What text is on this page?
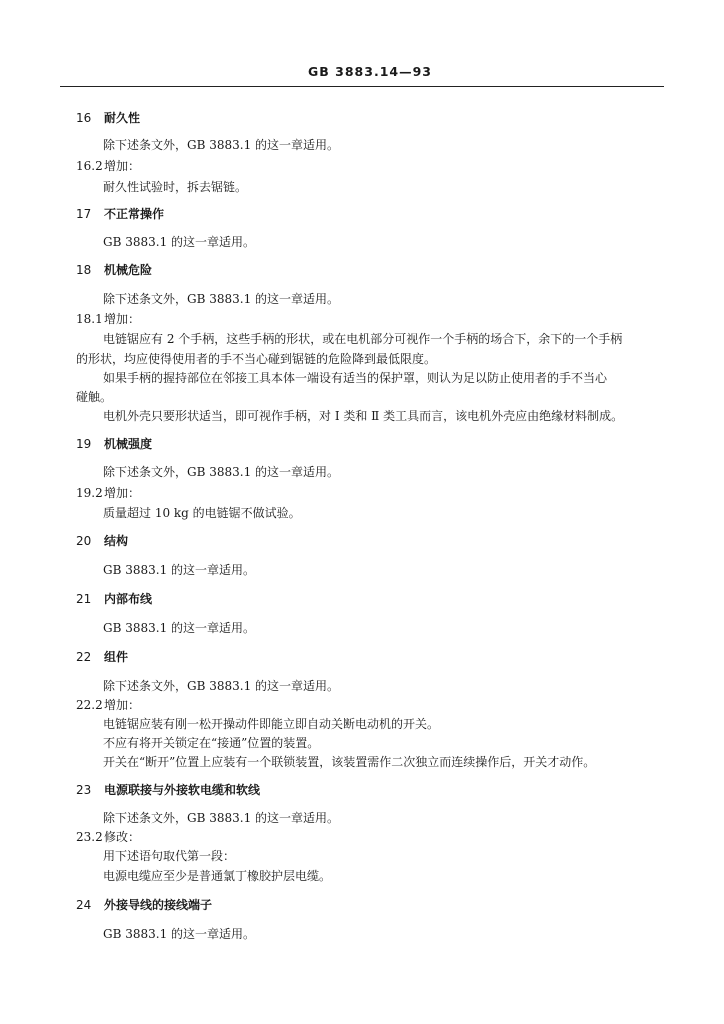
GB 3883.14—93
16 耐久性
除下述条文外，GB 3883.1 的这一章适用。
16.2增加：
耐久性试验时，拆去锯链。
17 不正常操作
GB 3883.1 的这一章适用。
18 机械危险
除下述条文外，GB 3883.1 的这一章适用。
18.1增加：
电链锯应有 2 个手柄，这些手柄的形状，或在电机部分可视作一个手柄的场合下，余下的一个手柄
的形状，均应使得使用者的手不当心碰到锯链的危险降到最低限度。
如果手柄的握持部位在邻接工具本体一端设有适当的保护罩，则认为足以防止使用者的手不当心
碰触。
电机外壳只要形状适当，即可视作手柄，对 Ⅰ 类和 Ⅱ 类工具而言，该电机外壳应由绝缘材料制成。
19 机械强度
除下述条文外，GB 3883.1 的这一章适用。
19.2增加：
质量超过 10 kg 的电链锯不做试验。
20 结构
GB 3883.1 的这一章适用。
21 内部布线
GB 3883.1 的这一章适用。
22 组件
除下述条文外，GB 3883.1 的这一章适用。
22.2增加：
电链锯应装有刚一松开操动件即能立即自动关断电动机的开关。
不应有将开关锁定在“接通”位置的装置。
开关在“断开”位置上应装有一个联锁装置，该装置需作二次独立而连续操作后，开关才动作。
23 电源联接与外接软电缆和软线
除下述条文外，GB 3883.1 的这一章适用。
23.2修改：
用下述语句取代第一段：
电源电缆应至少是普通氯丁橡胶护层电缆。
24 外接导线的接线端子
GB 3883.1 的这一章适用。
